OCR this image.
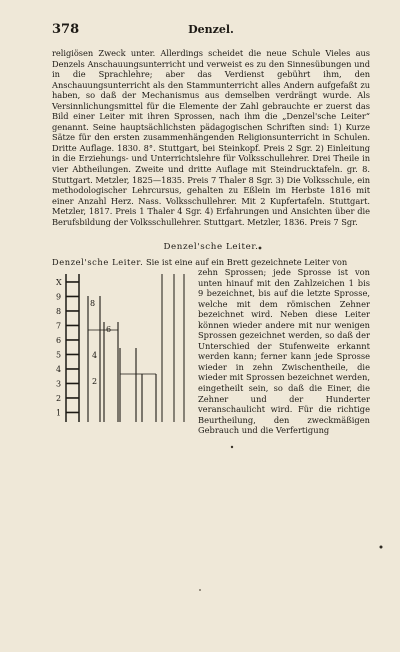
378	Denzel.

religiösen Zweck unter. Allerdings scheidet die neue Schule Vieles aus Denzels Anschauungsunterricht und verweist es zu den Sinnesübungen und in die Sprachlehre; aber das Verdienst gebührt ihm, den Anschauungsunterricht als den Stammunterricht alles Andern aufgefaßt zu haben, so daß der Mechanismus aus demselben verdrängt wurde. Als Versinnlichungsmittel für die Elemente der Zahl gebrauchte er zuerst das Bild einer Leiter mit ihren Sprossen, nach ihm die „Denzel'sche Leiter“ genannt. Seine hauptsächlichsten pädagogischen Schriften sind: 1) Kurze Sätze für den ersten zusammenhängenden Religionsunterricht in Schulen. Dritte Auflage. 1830. 8°. Stuttgart, bei Steinkopf. Preis 2 Sgr. 2) Einleitung in die Erziehungs- und Unterrichtslehre für Volksschullehrer. Drei Theile in vier Abtheilungen. Zweite und dritte Auflage mit Steindrucktafeln. gr. 8. Stuttgart. Metzler, 1825—1835. Preis 7 Thaler 8 Sgr. 3) Die Volksschule, ein methodologischer Lehrcursus, gehalten zu Eßlein im Herbste 1816 mit einer Anzahl Herz. Nass. Volksschullehrer. Mit 2 Kupfertafeln. Stuttgart. Metzler, 1817. Preis 1 Thaler 4 Sgr. 4) Erfahrungen und Ansichten über die Berufsbildung der Volksschullehrer. Stuttgart. Metzler, 1836. Preis 7 Sgr.

Denzel'sche Leiter.
Denzel'sche Leiter. Sie ist eine auf ein Brett gezeichnete Leiter von
X
9
8
7
6
5
4
3
2
1
8
6
4
2

zehn Sprossen; jede Sprosse ist von unten hinauf mit den Zahlzeichen 1 bis 9 bezeichnet, bis auf die letzte Sprosse, welche mit dem römischen Zehner bezeichnet wird. Neben diese Leiter können wieder andere mit nur wenigen Sprossen gezeichnet werden, so daß der Unterschied der Stufenweite erkannt werden kann; ferner kann jede Sprosse wieder in zehn Zwischentheile, die wieder mit Sprossen bezeichnet werden, eingetheilt sein, so daß die Einer, die Zehner und der Hunderter veranschaulicht wird. Für die richtige Beurtheilung, den zweckmäßigen Gebrauch und die Verfertigung
